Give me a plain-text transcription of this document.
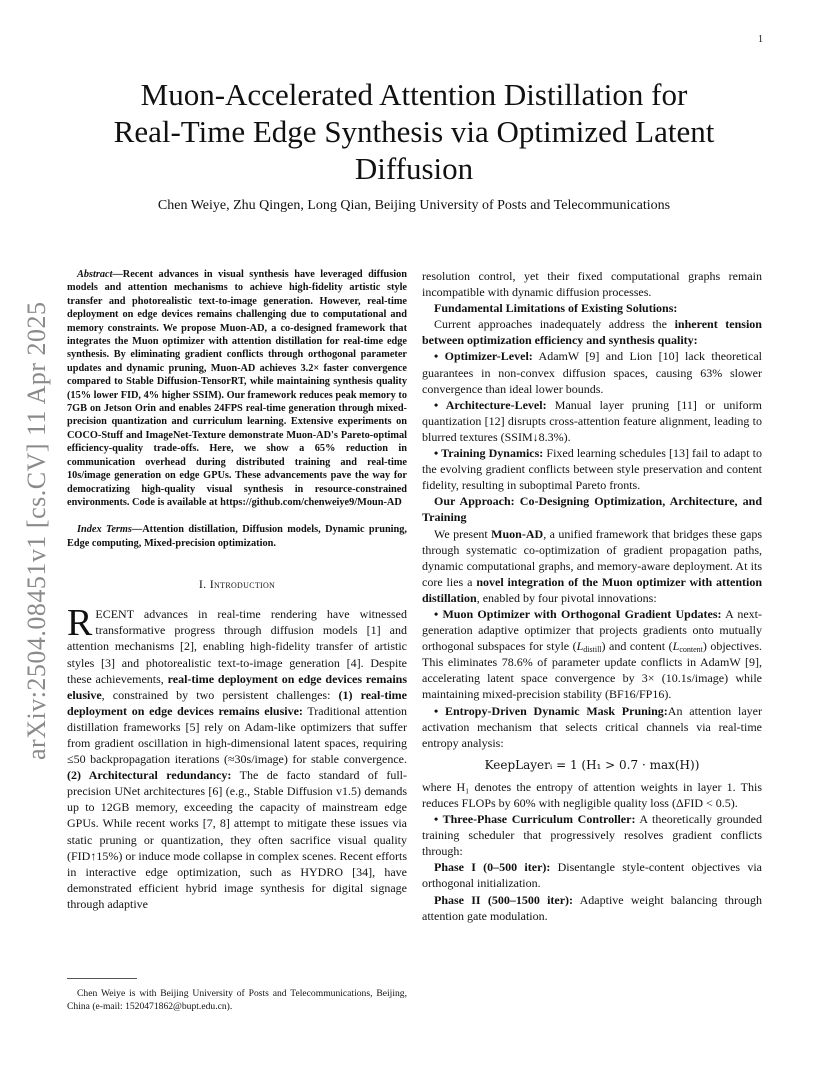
1
arXiv:2504.08451v1 [cs.CV] 11 Apr 2025
Muon-Accelerated Attention Distillation for
Real-Time Edge Synthesis via Optimized Latent
Diffusion
Chen Weiye, Zhu Qingen, Long Qian, Beijing University of Posts and Telecommunications

Abstract—Recent advances in visual synthesis have leveraged diffusion models and attention mechanisms to achieve high-fidelity artistic style transfer and photorealistic text-to-image generation. However, real-time deployment on edge devices remains challenging due to computational and memory constraints. We propose Muon-AD, a co-designed framework that integrates the Muon optimizer with attention distillation for real-time edge synthesis. By eliminating gradient conflicts through orthogonal parameter updates and dynamic pruning, Muon-AD achieves 3.2× faster convergence compared to Stable Diffusion-TensorRT, while maintaining synthesis quality (15% lower FID, 4% higher SSIM). Our framework reduces peak memory to 7GB on Jetson Orin and enables 24FPS real-time generation through mixed-precision quantization and curriculum learning. Extensive experiments on COCO-Stuff and ImageNet-Texture demonstrate Muon-AD's Pareto-optimal efficiency-quality trade-offs. Here, we show a 65% reduction in communication overhead during distributed training and real-time 10s/image generation on edge GPUs. These advancements pave the way for democratizing high-quality visual synthesis in resource-constrained environments. Code is available at https://github.com/chenweiye9/Moun-AD

Index Terms—Attention distillation, Diffusion models, Dynamic pruning, Edge computing, Mixed-precision optimization.

I. Introduction

RECENT advances in real-time rendering have witnessed transformative progress through diffusion models [1] and attention mechanisms [2], enabling high-fidelity transfer of artistic styles [3] and photorealistic text-to-image generation [4]. Despite these achievements, real-time deployment on edge devices remains elusive, constrained by two persistent challenges: (1) real-time deployment on edge devices remains elusive: Traditional attention distillation frameworks [5] rely on Adam-like optimizers that suffer from gradient oscillation in high-dimensional latent spaces, requiring ≤50 backpropagation iterations (≈30s/image) for stable convergence. (2) Architectural redundancy: The de facto standard of full-precision UNet architectures [6] (e.g., Stable Diffusion v1.5) demands up to 12GB memory, exceeding the capacity of mainstream edge GPUs. While recent works [7, 8] attempt to mitigate these issues via static pruning or quantization, they often sacrifice visual quality (FID↑15%) or induce mode collapse in complex scenes. Recent efforts in interactive edge optimization, such as HYDRO [34], have demonstrated efficient hybrid image synthesis for digital signage through adaptive

Chen Weiye is with Beijing University of Posts and Telecommunications, Beijing, China (e-mail: 1520471862@bupt.edu.cn).

resolution control, yet their fixed computational graphs remain incompatible with dynamic diffusion processes.

Fundamental Limitations of Existing Solutions:

Current approaches inadequately address the inherent tension between optimization efficiency and synthesis quality:

• Optimizer-Level: AdamW [9] and Lion [10] lack theoretical guarantees in non-convex diffusion spaces, causing 63% slower convergence than ideal lower bounds.

• Architecture-Level: Manual layer pruning [11] or uniform quantization [12] disrupts cross-attention feature alignment, leading to blurred textures (SSIM↓8.3%).

• Training Dynamics: Fixed learning schedules [13] fail to adapt to the evolving gradient conflicts between style preservation and content fidelity, resulting in suboptimal Pareto fronts.

Our Approach: Co-Designing Optimization, Architecture, and Training

We present Muon-AD, a unified framework that bridges these gaps through systematic co-optimization of gradient propagation paths, dynamic computational graphs, and memory-aware deployment. At its core lies a novel integration of the Muon optimizer with attention distillation, enabled by four pivotal innovations:

• Muon Optimizer with Orthogonal Gradient Updates: A next-generation adaptive optimizer that projects gradients onto mutually orthogonal subspaces for style $(L_{distill})$ and content $(L_{content})$ objectives. This eliminates 78.6% of parameter update conflicts in AdamW [9], accelerating latent space convergence by 3× (10.1s/image) while maintaining mixed-precision stability (BF16/FP16).

• Entropy-Driven Dynamic Mask Pruning:An attention layer activation mechanism that selects critical channels via real-time entropy analysis:

KeepLayerᵢ = 1 (H₁ > 0.7 · max(H))

where H₁ denotes the entropy of attention weights in layer 1. This reduces FLOPs by 60% with negligible quality loss (ΔFID < 0.5).

• Three-Phase Curriculum Controller: A theoretically grounded training scheduler that progressively resolves gradient conflicts through:

Phase I (0–500 iter): Disentangle style-content objectives via orthogonal initialization.

Phase II (500–1500 iter): Adaptive weight balancing through attention gate modulation.
